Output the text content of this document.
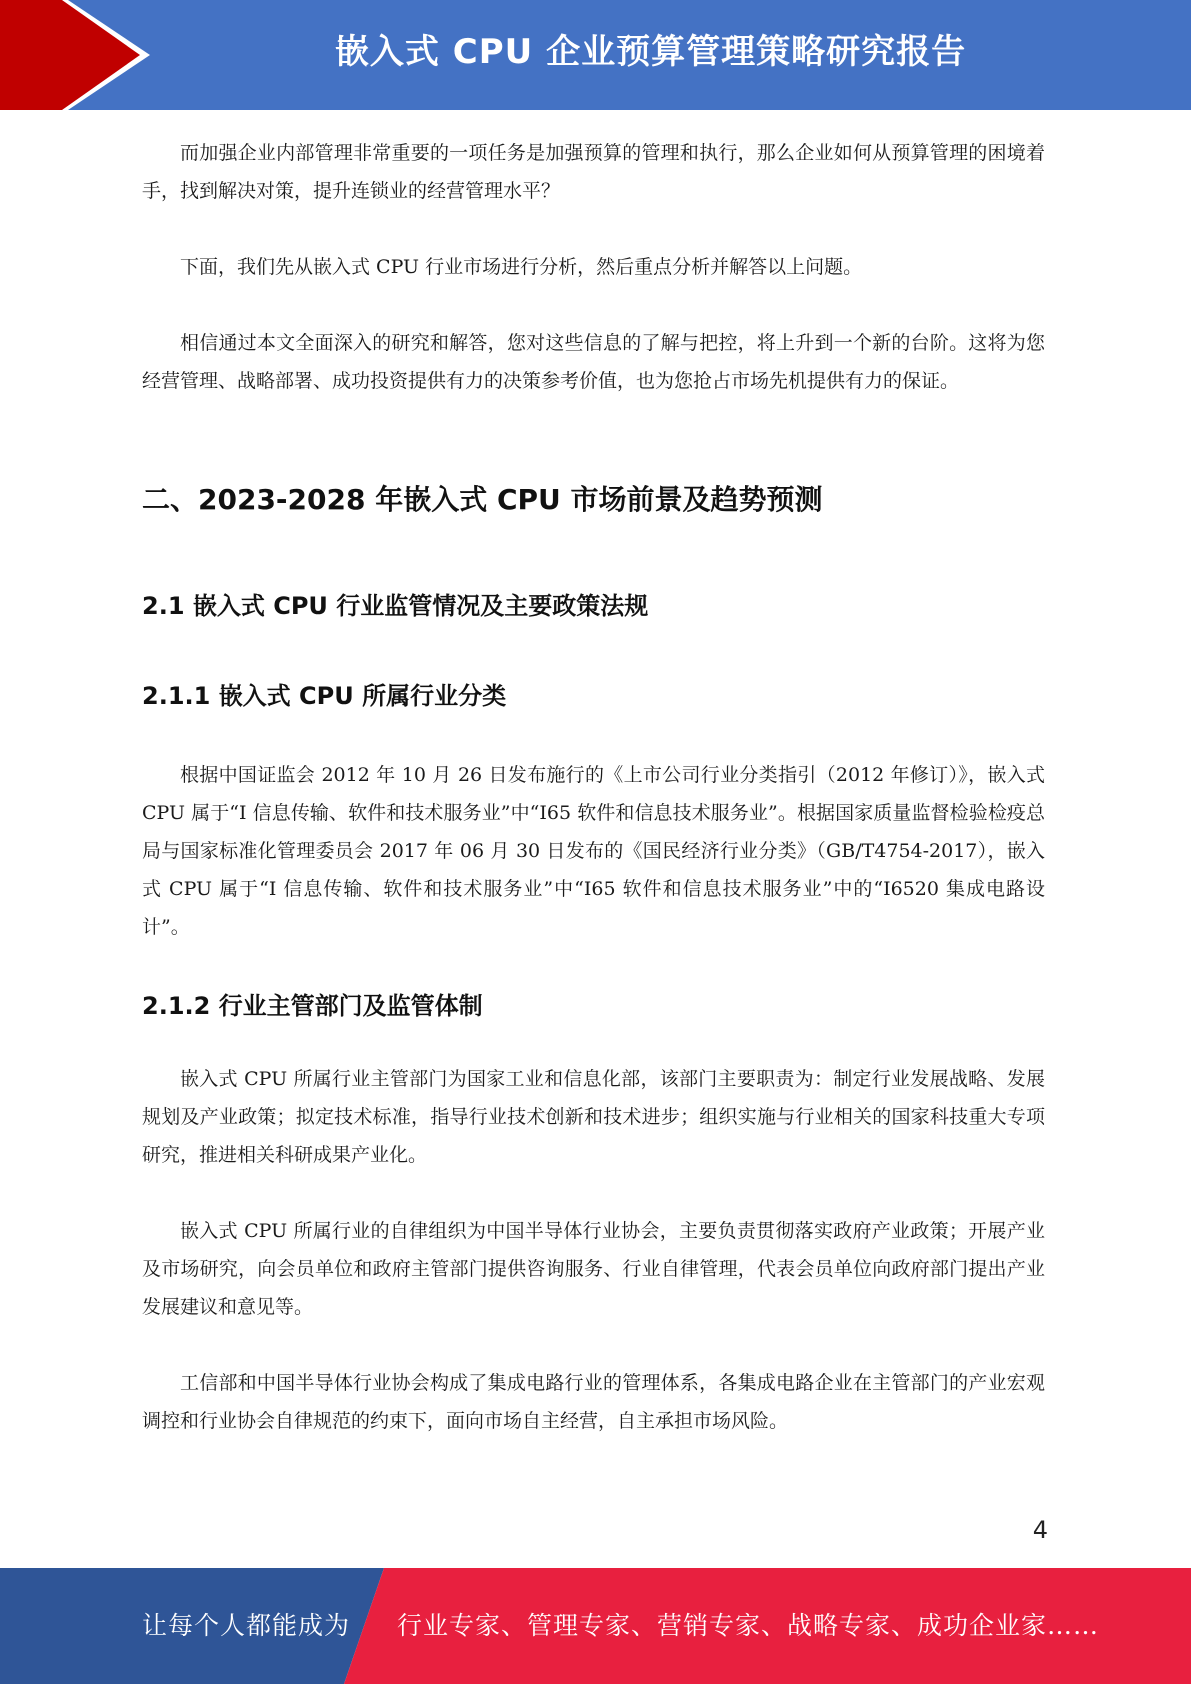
嵌入式 CPU 企业预算管理策略研究报告

而加强企业内部管理非常重要的一项任务是加强预算的管理和执行，那么企业如何从预算管理的困境着手，找到解决对策，提升连锁业的经营管理水平？

下面，我们先从嵌入式 CPU 行业市场进行分析，然后重点分析并解答以上问题。

相信通过本文全面深入的研究和解答，您对这些信息的了解与把控，将上升到一个新的台阶。这将为您经营管理、战略部署、成功投资提供有力的决策参考价值，也为您抢占市场先机提供有力的保证。

二、2023-2028 年嵌入式 CPU 市场前景及趋势预测
2.1 嵌入式 CPU 行业监管情况及主要政策法规
2.1.1 嵌入式 CPU 所属行业分类

根据中国证监会 2012 年 10 月 26 日发布施行的《上市公司行业分类指引（2012 年修订）》，嵌入式 CPU 属于“I 信息传输、软件和技术服务业”中“I65 软件和信息技术服务业”。根据国家质量监督检验检疫总局与国家标准化管理委员会 2017 年 06 月 30 日发布的《国民经济行业分类》（GB/T4754-2017），嵌入式 CPU 属于“I 信息传输、软件和技术服务业”中“I65 软件和信息技术服务业”中的“I6520 集成电路设计”。

2.1.2 行业主管部门及监管体制

嵌入式 CPU 所属行业主管部门为国家工业和信息化部，该部门主要职责为：制定行业发展战略、发展规划及产业政策；拟定技术标准，指导行业技术创新和技术进步；组织实施与行业相关的国家科技重大专项研究，推进相关科研成果产业化。

嵌入式 CPU 所属行业的自律组织为中国半导体行业协会，主要负责贯彻落实政府产业政策；开展产业及市场研究，向会员单位和政府主管部门提供咨询服务、行业自律管理，代表会员单位向政府部门提出产业发展建议和意见等。

工信部和中国半导体行业协会构成了集成电路行业的管理体系，各集成电路企业在主管部门的产业宏观调控和行业协会自律规范的约束下，面向市场自主经营，自主承担市场风险。

4
让每个人都能成为 行业专家、管理专家、营销专家、战略专家、成功企业家……
